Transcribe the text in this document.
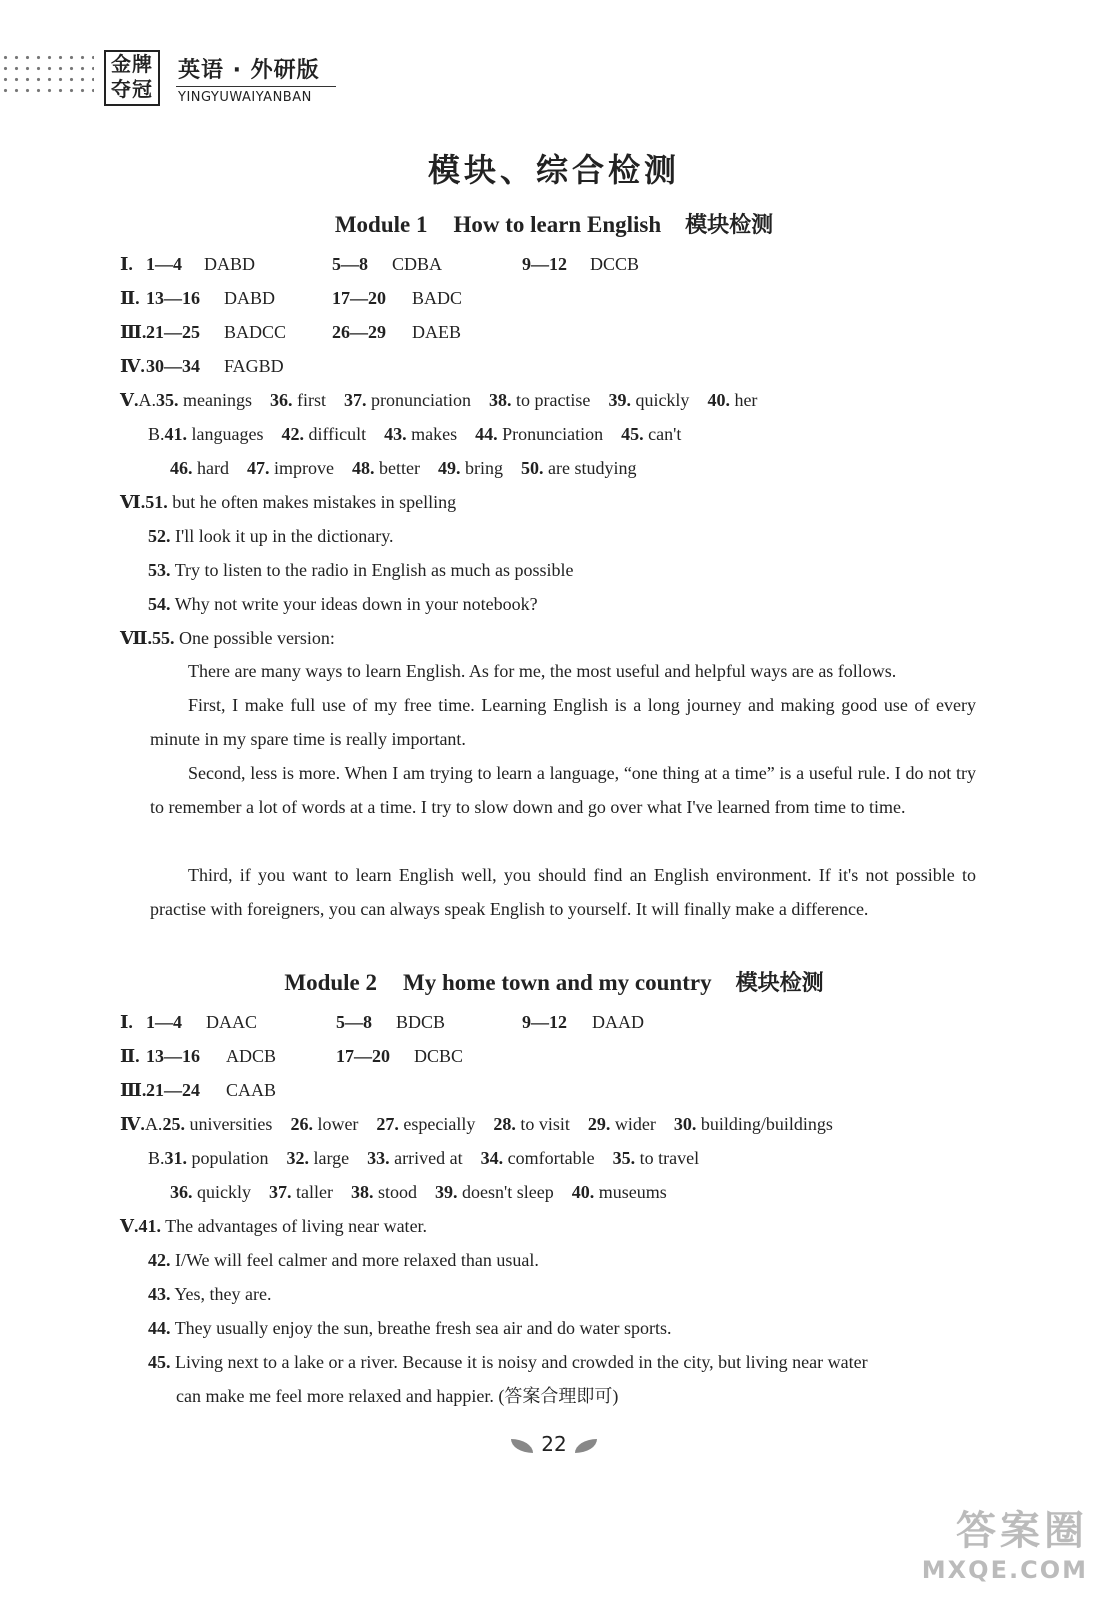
金牌
夺冠
英语 · 外研版
YINGYUWAIYANBAN
模块、综合检测
Module 1 How to learn English 模块检测
Ⅰ. 1—4 DABD	5—8 CDBA	9—12 DCCB
Ⅱ. 13—16 DABD	17—20 BADC
Ⅲ. 21—25 BADCC	26—29 DAEB
Ⅳ. 30—34 FAGBD
Ⅴ.A.35. meanings 36. first 37. pronunciation 38. to practise 39. quickly 40. her
B.41. languages 42. difficult 43. makes 44. Pronunciation 45. can't
46. hard 47. improve 48. better 49. bring 50. are studying
Ⅵ.51. but he often makes mistakes in spelling
52. I'll look it up in the dictionary.
53. Try to listen to the radio in English as much as possible
54. Why not write your ideas down in your notebook?
Ⅶ.55. One possible version:
There are many ways to learn English. As for me, the most useful and helpful ways are as follows.
First, I make full use of my free time. Learning English is a long journey and making good use of every minute in my spare time is really important.
Second, less is more. When I am trying to learn a language, “one thing at a time” is a useful rule. I do not try to remember a lot of words at a time. I try to slow down and go over what I've learned from time to time.
Third, if you want to learn English well, you should find an English environment. If it's not possible to practise with foreigners, you can always speak English to yourself. It will finally make a difference.
Module 2 My home town and my country 模块检测
Ⅰ. 1—4 DAAC	5—8 BDCB	9—12 DAAD
Ⅱ. 13—16 ADCB	17—20 DCBC
Ⅲ. 21—24 CAAB
Ⅳ.A.25. universities 26. lower 27. especially 28. to visit 29. wider 30. building/buildings
B.31. population 32. large 33. arrived at 34. comfortable 35. to travel
36. quickly 37. taller 38. stood 39. doesn't sleep 40. museums
Ⅴ.41. The advantages of living near water.
42. I/We will feel calmer and more relaxed than usual.
43. Yes, they are.
44. They usually enjoy the sun, breathe fresh sea air and do water sports.
45. Living next to a lake or a river. Because it is noisy and crowded in the city, but living near water
can make me feel more relaxed and happier. (答案合理即可)
22
答案圈
MXQE.COM
